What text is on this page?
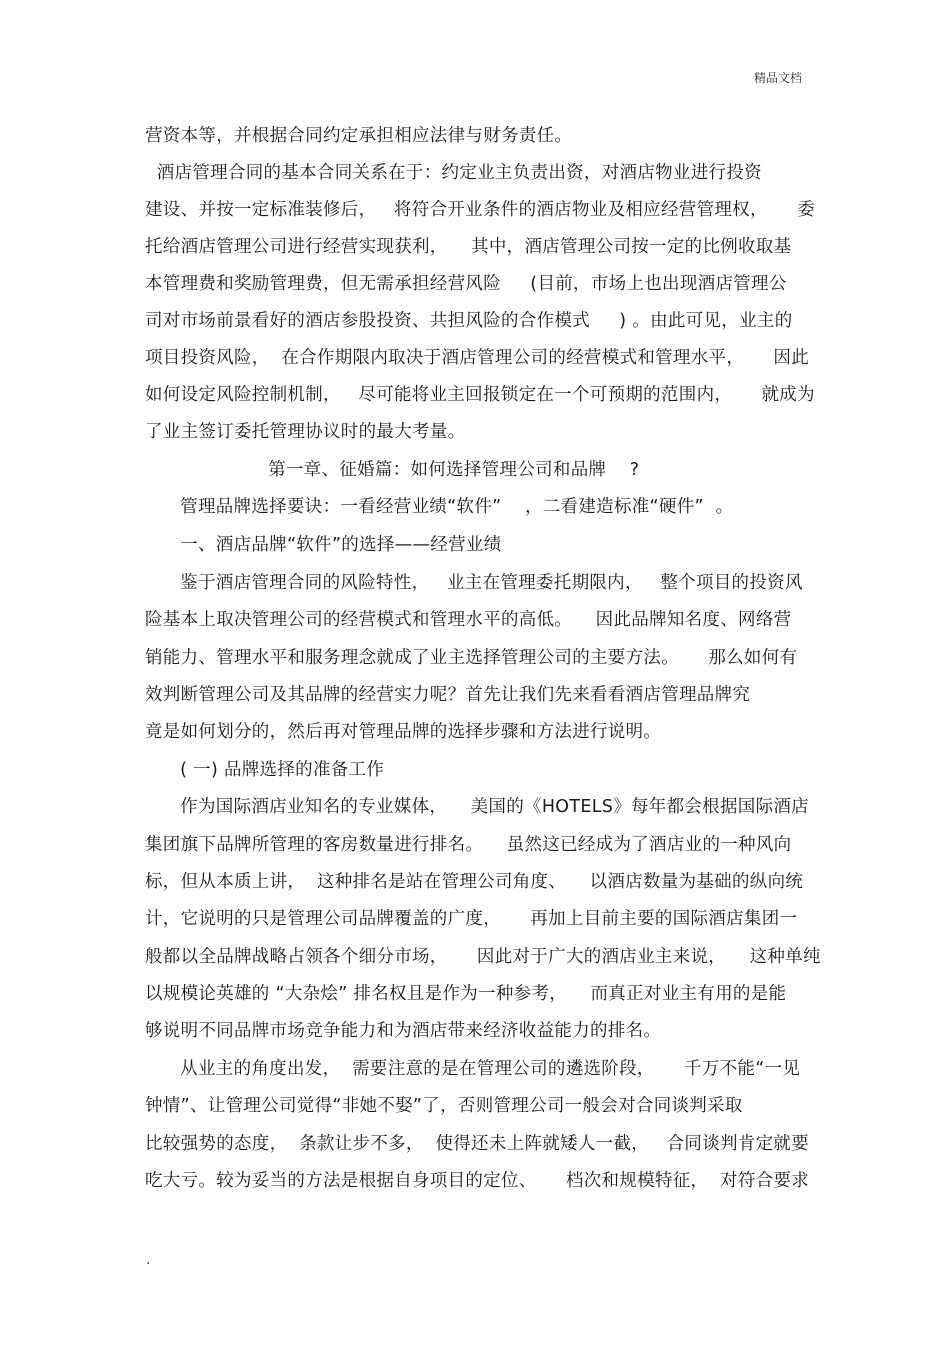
精品文档
营资本等，并根据合同约定承担相应法律与财务责任。
酒店管理合同的基本合同关系在于：约定业主负责出资，对酒店物业进行投资
建设、并按一定标准装修后，   将符合开业条件的酒店物业及相应经营管理权，     委
托给酒店管理公司进行经营实现获利，    其中，酒店管理公司按一定的比例收取基
本管理费和奖励管理费，但无需承担经营风险     (目前，市场上也出现酒店管理公
司对市场前景看好的酒店参股投资、共担风险的合作模式     ) 。由此可见，业主的
项目投资风险，  在合作期限内取决于酒店管理公司的经营模式和管理水平，     因此
如何设定风险控制机制，   尽可能将业主回报锁定在一个可预期的范围内，     就成为
了业主签订委托管理协议时的最大考量。
第一章、征婚篇：如何选择管理公司和品牌    ?
管理品牌选择要诀：一看经营业绩“软件”    ，二看建造标准“硬件”  。
一、酒店品牌“软件”的选择——经营业绩
鉴于酒店管理合同的风险特性，   业主在管理委托期限内，   整个项目的投资风
险基本上取决管理公司的经营模式和管理水平的高低。    因此品牌知名度、网络营
销能力、管理水平和服务理念就成了业主选择管理公司的主要方法。     那么如何有
效判断管理公司及其品牌的经营实力呢？首先让我们先来看看酒店管理品牌究
竟是如何划分的，然后再对管理品牌的选择步骤和方法进行说明。
( 一) 品牌选择的准备工作
作为国际酒店业知名的专业媒体，    美国的《HOTELS》每年都会根据国际酒店
集团旗下品牌所管理的客房数量进行排名。    虽然这已经成为了酒店业的一种风向
标，但从本质上讲，  这种排名是站在管理公司角度、    以酒店数量为基础的纵向统
计，它说明的只是管理公司品牌覆盖的广度，     再加上目前主要的国际酒店集团一
般都以全品牌战略占领各个细分市场，     因此对于广大的酒店业主来说，    这种单纯
以规模论英雄的 “大杂烩” 排名权且是作为一种参考，    而真正对业主有用的是能
够说明不同品牌市场竞争能力和为酒店带来经济收益能力的排名。
从业主的角度出发，  需要注意的是在管理公司的遴选阶段，     千万不能“一见
钟情”、让管理公司觉得“非她不娶”了，否则管理公司一般会对合同谈判采取
比较强势的态度，  条款让步不多，  使得还未上阵就矮人一截，   合同谈判肯定就要
吃大亏。较为妥当的方法是根据自身项目的定位、     档次和规模特征，  对符合要求
.
